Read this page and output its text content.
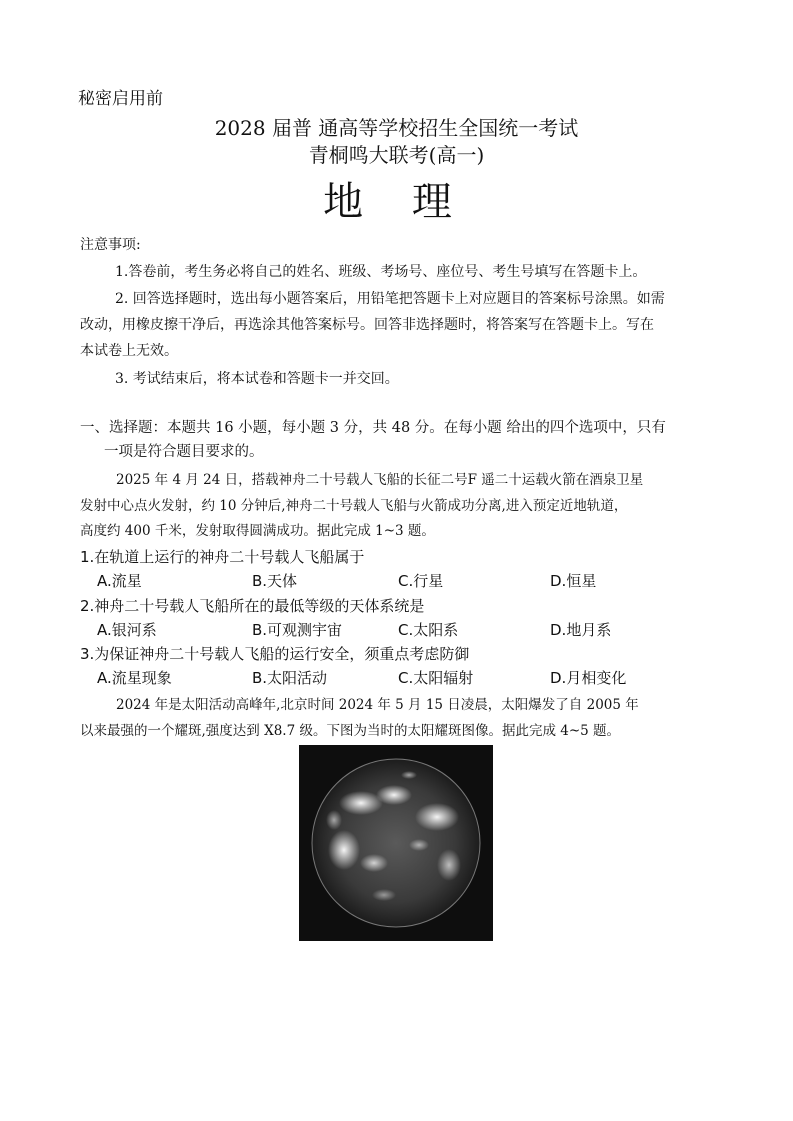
秘密启用前
2028 届普 通高等学校招生全国统一考试
青桐鸣大联考(高一)
地 理
注意事项:
1.答卷前，考生务必将自己的姓名、班级、考场号、座位号、考生号填写在答题卡上。
2. 回答选择题时，选出每小题答案后，用铅笔把答题卡上对应题目的答案标号涂黑。如需
改动，用橡皮擦干净后，再选涂其他答案标号。回答非选择题时，将答案写在答题卡上。写在
本试卷上无效。
3. 考试结束后，将本试卷和答题卡一并交回。
一、选择题：本题共 16 小题，每小题 3 分，共 48 分。在每小题 给出的四个选项中，只有
一项是符合题目要求的。
2025 年 4 月 24 日，搭载神舟二十号载人飞船的长征二号F 遥二十运载火箭在酒泉卫星
发射中心点火发射，约 10 分钟后,神舟二十号载人飞船与火箭成功分离,进入预定近地轨道，
高度约 400 千米，发射取得圆满成功。据此完成 1~3 题。
1.在轨道上运行的神舟二十号载人飞船属于
A.流星	B.天体	C.行星	D.恒星
2.神舟二十号载人飞船所在的最低等级的天体系统是
A.银河系	B.可观测宇宙	C.太阳系	D.地月系
3.为保证神舟二十号载人飞船的运行安全，须重点考虑防御
A.流星现象	B.太阳活动	C.太阳辐射	D.月相变化
2024 年是太阳活动高峰年,北京时间 2024 年 5 月 15 日凌晨，太阳爆发了自 2005 年
以来最强的一个耀斑,强度达到 X8.7 级。下图为当时的太阳耀斑图像。据此完成 4~5 题。
